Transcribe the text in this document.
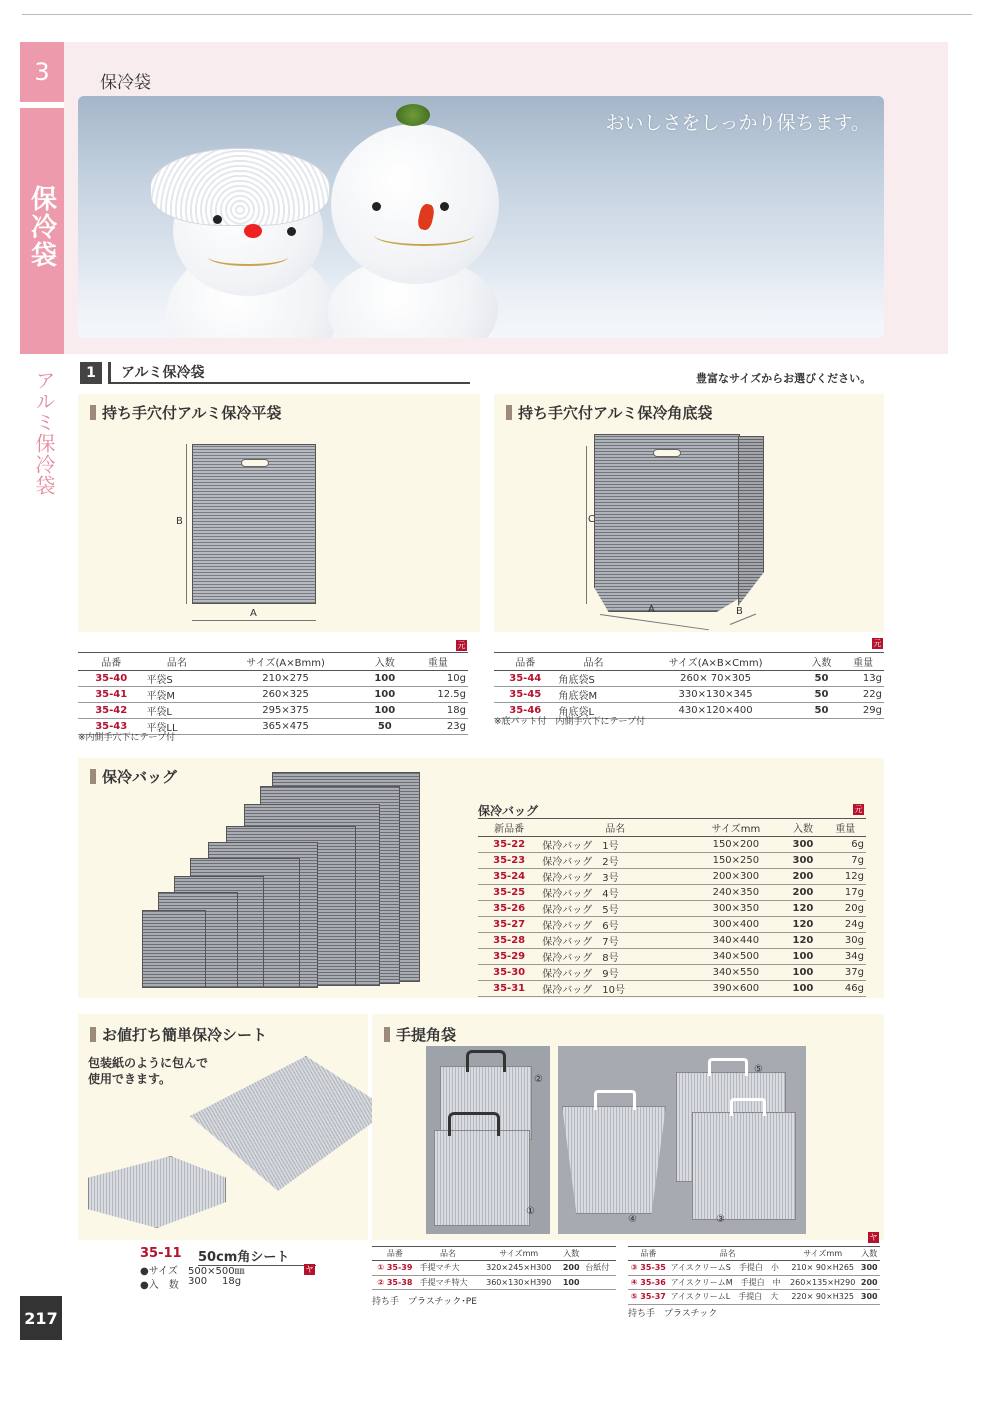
3
保冷袋
アルミ保冷袋
保冷袋
おいしさをしっかり保ちます。
1	アルミ保冷袋	豊富なサイズからお選びください。
持ち手穴付アルミ保冷平袋
B
A
元
品番	品名	サイズ(A×Bmm)	入数	重量
35-40	平袋S	210×275	100	10g
35-41	平袋M	260×325	100	12.5g
35-42	平袋L	295×375	100	18g
35-43	平袋LL	365×475	50	23g
※内側手穴下にテープ付
持ち手穴付アルミ保冷角底袋
C
A	B
元
品番	品名	サイズ(A×B×Cmm)	入数	重量
35-44	角底袋S	260× 70×305	50	13g
35-45	角底袋M	330×130×345	50	22g
35-46	角底袋L	430×120×400	50	29g
※底パット付　内側手穴下にテープ付
保冷バッグ
保冷バッグ	元
新品番	品名	サイズmm	入数	重量
35-22	保冷バッグ　1号	150×200	300	6g
35-23	保冷バッグ　2号	150×250	300	7g
35-24	保冷バッグ　3号	200×300	200	12g
35-25	保冷バッグ　4号	240×350	200	17g
35-26	保冷バッグ　5号	300×350	120	20g
35-27	保冷バッグ　6号	300×400	120	24g
35-28	保冷バッグ　7号	340×440	120	30g
35-29	保冷バッグ　8号	340×500	100	34g
35-30	保冷バッグ　9号	340×550	100	37g
35-31	保冷バッグ　10号	390×600	100	46g
お値打ち簡単保冷シート
包装紙のように包んで
使用できます。
35-11 50cm角シート
ヤ
●サイズ 500×500㎜
●入　数 300 18g
手提角袋
②
①
⑤
④	③
ヤ
品番	品名	サイズmm	入数	
① 35-39	手提マチ大	320×245×H300	200	台紙付
② 35-38	手提マチ特大	360×130×H390	100	
持ち手　プラスチック･PE
品番	品名	サイズmm	入数
③ 35-35	アイスクリームS　手提白　小	210× 90×H265	300
④ 35-36	アイスクリームM　手提白　中	260×135×H290	200
⑤ 35-37	アイスクリームL　手提白　大	220× 90×H325	300
持ち手　プラスチック
217
